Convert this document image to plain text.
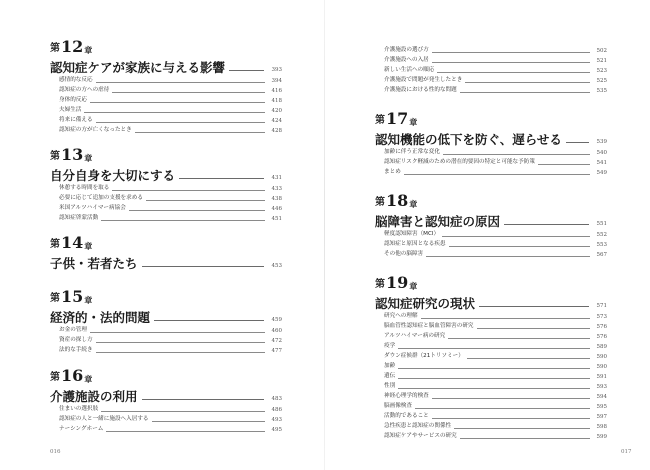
第 12 章
認知症ケアが家族に与える影響	393
感情的な反応	394
認知症の方への虐待	416
身体的反応	418
夫婦生活	420
将来に備える	424
認知症の方が亡くなったとき	428
第 13 章
自分自身を大切にする	431
休憩する時間を取る	433
必要に応じて追加の支援を求める	438
米国アルツハイマー病協会	446
認知症啓蒙活動	451
第 14 章
子供・若者たち	453
第 15 章
経済的・法的問題	459
お金の管理	460
資産の探し方	472
法的な手続き	477
第 16 章
介護施設の利用	483
住まいの選択肢	486
認知症の人と一緒に施設へ入居する	493
ナーシングホーム	495
016
介護施設の選び方	502
介護施設への入居	521
新しい生活への順応	523
介護施設で問題が発生したとき	525
介護施設における性的な問題	535
第 17 章
認知機能の低下を防ぐ、遅らせる	539
加齢に伴う正常な変化	540
認知症リスク軽減のための潜在的要因の特定と可能な予防策	541
まとめ	549
第 18 章
脳障害と認知症の原因	551
軽度認知障害（MCI）	552
認知症と原因となる疾患	553
その他の脳障害	567
第 19 章
認知症研究の現状	571
研究への理解	573
脳血管性認知症と脳血管障害の研究	576
アルツハイマー病の研究	576
疫学	589
ダウン症候群（21トリソミー）	590
加齢	590
遺伝	591
性別	593
神経心理学的検査	594
脳画像検査	595
活動的であること	597
急性疾患と認知症の関係性	598
認知症ケアやサービスの研究	599
017
